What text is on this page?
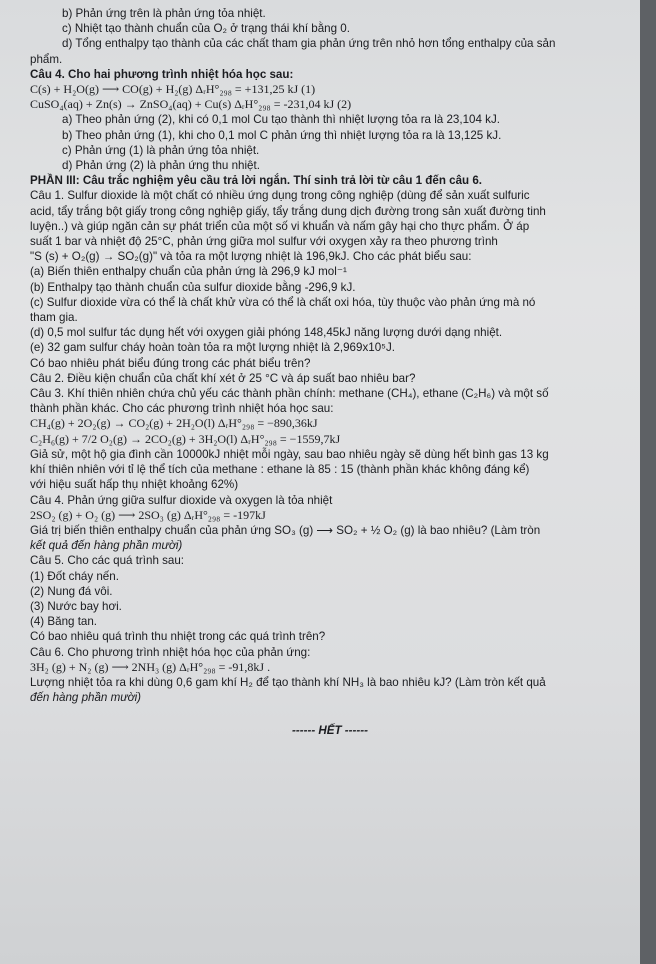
b) Phản ứng trên là phản ứng tỏa nhiệt.
c) Nhiệt tạo thành chuẩn của O₂ ở trạng thái khí bằng 0.
d) Tổng enthalpy tạo thành của các chất tham gia phản ứng trên nhỏ hơn tổng enthalpy của sản
phẩm.
Câu 4. Cho hai phương trình nhiệt hóa học sau:
C(s) + H₂O(g) ⟶ CO(g) + H₂(g) ΔᵣH°₂₉₈ = +131,25 kJ (1)
CuSO₄(aq) + Zn(s) → ZnSO₄(aq) + Cu(s) ΔᵣH°₂₉₈ = -231,04 kJ (2)
a) Theo phản ứng (2), khi có 0,1 mol Cu tạo thành thì nhiệt lượng tỏa ra là 23,104 kJ.
b) Theo phản ứng (1), khi cho 0,1 mol C phản ứng thì nhiệt lượng tỏa ra là 13,125 kJ.
c) Phản ứng (1) là phản ứng tỏa nhiệt.
d) Phản ứng (2) là phản ứng thu nhiệt.
PHẦN III: Câu trắc nghiệm yêu cầu trả lời ngắn. Thí sinh trả lời từ câu 1 đến câu 6.
Câu 1. Sulfur dioxide là một chất có nhiều ứng dụng trong công nghiệp (dùng để sản xuất sulfuric
acid, tẩy trắng bột giấy trong công nghiệp giấy, tẩy trắng dung dịch đường trong sản xuất đường tinh
luyện..) và giúp ngăn cản sự phát triển của một số vi khuẩn và nấm gây hại cho thực phẩm. Ở áp
suất 1 bar và nhiệt độ 25°C, phản ứng giữa mol sulfur với oxygen xảy ra theo phương trình
"S (s) + O₂(g) → SO₂(g)" và tỏa ra một lượng nhiệt là 196,9kJ. Cho các phát biểu sau:
(a) Biến thiên enthalpy chuẩn của phản ứng là 296,9 kJ mol⁻¹
(b) Enthalpy tạo thành chuẩn của sulfur dioxide bằng -296,9 kJ.
(c) Sulfur dioxide vừa có thể là chất khử vừa có thể là chất oxi hóa, tùy thuộc vào phản ứng mà nó
tham gia.
(d) 0,5 mol sulfur tác dụng hết với oxygen giải phóng 148,45kJ năng lượng dưới dạng nhiệt.
(e) 32 gam sulfur cháy hoàn toàn tỏa ra một lượng nhiệt là 2,969x10⁵J.
Có bao nhiêu phát biểu đúng trong các phát biểu trên?
Câu 2. Điều kiện chuẩn của chất khí xét ở 25 °C và áp suất bao nhiêu bar?
Câu 3. Khí thiên nhiên chứa chủ yếu các thành phần chính: methane (CH₄), ethane (C₂H₆) và một số
thành phần khác. Cho các phương trình nhiệt hóa học sau:
CH₄(g) + 2O₂(g) → CO₂(g) + 2H₂O(l) ΔᵣH°₂₉₈ = −890,36kJ
C₂H₆(g) + 7/2 O₂(g) → 2CO₂(g) + 3H₂O(l) ΔᵣH°₂₉₈ = −1559,7kJ
Giả sử, một hộ gia đình cần 10000kJ nhiệt mỗi ngày, sau bao nhiêu ngày sẽ dùng hết bình gas 13 kg
khí thiên nhiên với tỉ lệ thể tích của methane : ethane là 85 : 15 (thành phần khác không đáng kể)
với hiệu suất hấp thụ nhiệt khoảng 62%)
Câu 4. Phản ứng giữa sulfur dioxide và oxygen là tỏa nhiệt
2SO₂ (g) + O₂ (g) ⟶ 2SO₃ (g) ΔᵣH°₂₉₈ = -197kJ
Giá trị biến thiên enthalpy chuẩn của phản ứng SO₃ (g) ⟶ SO₂ + ½ O₂ (g) là bao nhiêu? (Làm tròn
kết quả đến hàng phần mười)
Câu 5. Cho các quá trình sau:
(1) Đốt cháy nến.
(2) Nung đá vôi.
(3) Nước bay hơi.
(4) Băng tan.
Có bao nhiêu quá trình thu nhiệt trong các quá trình trên?
Câu 6. Cho phương trình nhiệt hóa học của phản ứng:
3H₂ (g) + N₂ (g) ⟶ 2NH₃ (g) ΔᵣH°₂₉₈ = -91,8kJ .
Lượng nhiệt tỏa ra khi dùng 0,6 gam khí H₂ để tạo thành khí NH₃ là bao nhiêu kJ? (Làm tròn kết quả
đến hàng phần mười)
------ HẾT ------
